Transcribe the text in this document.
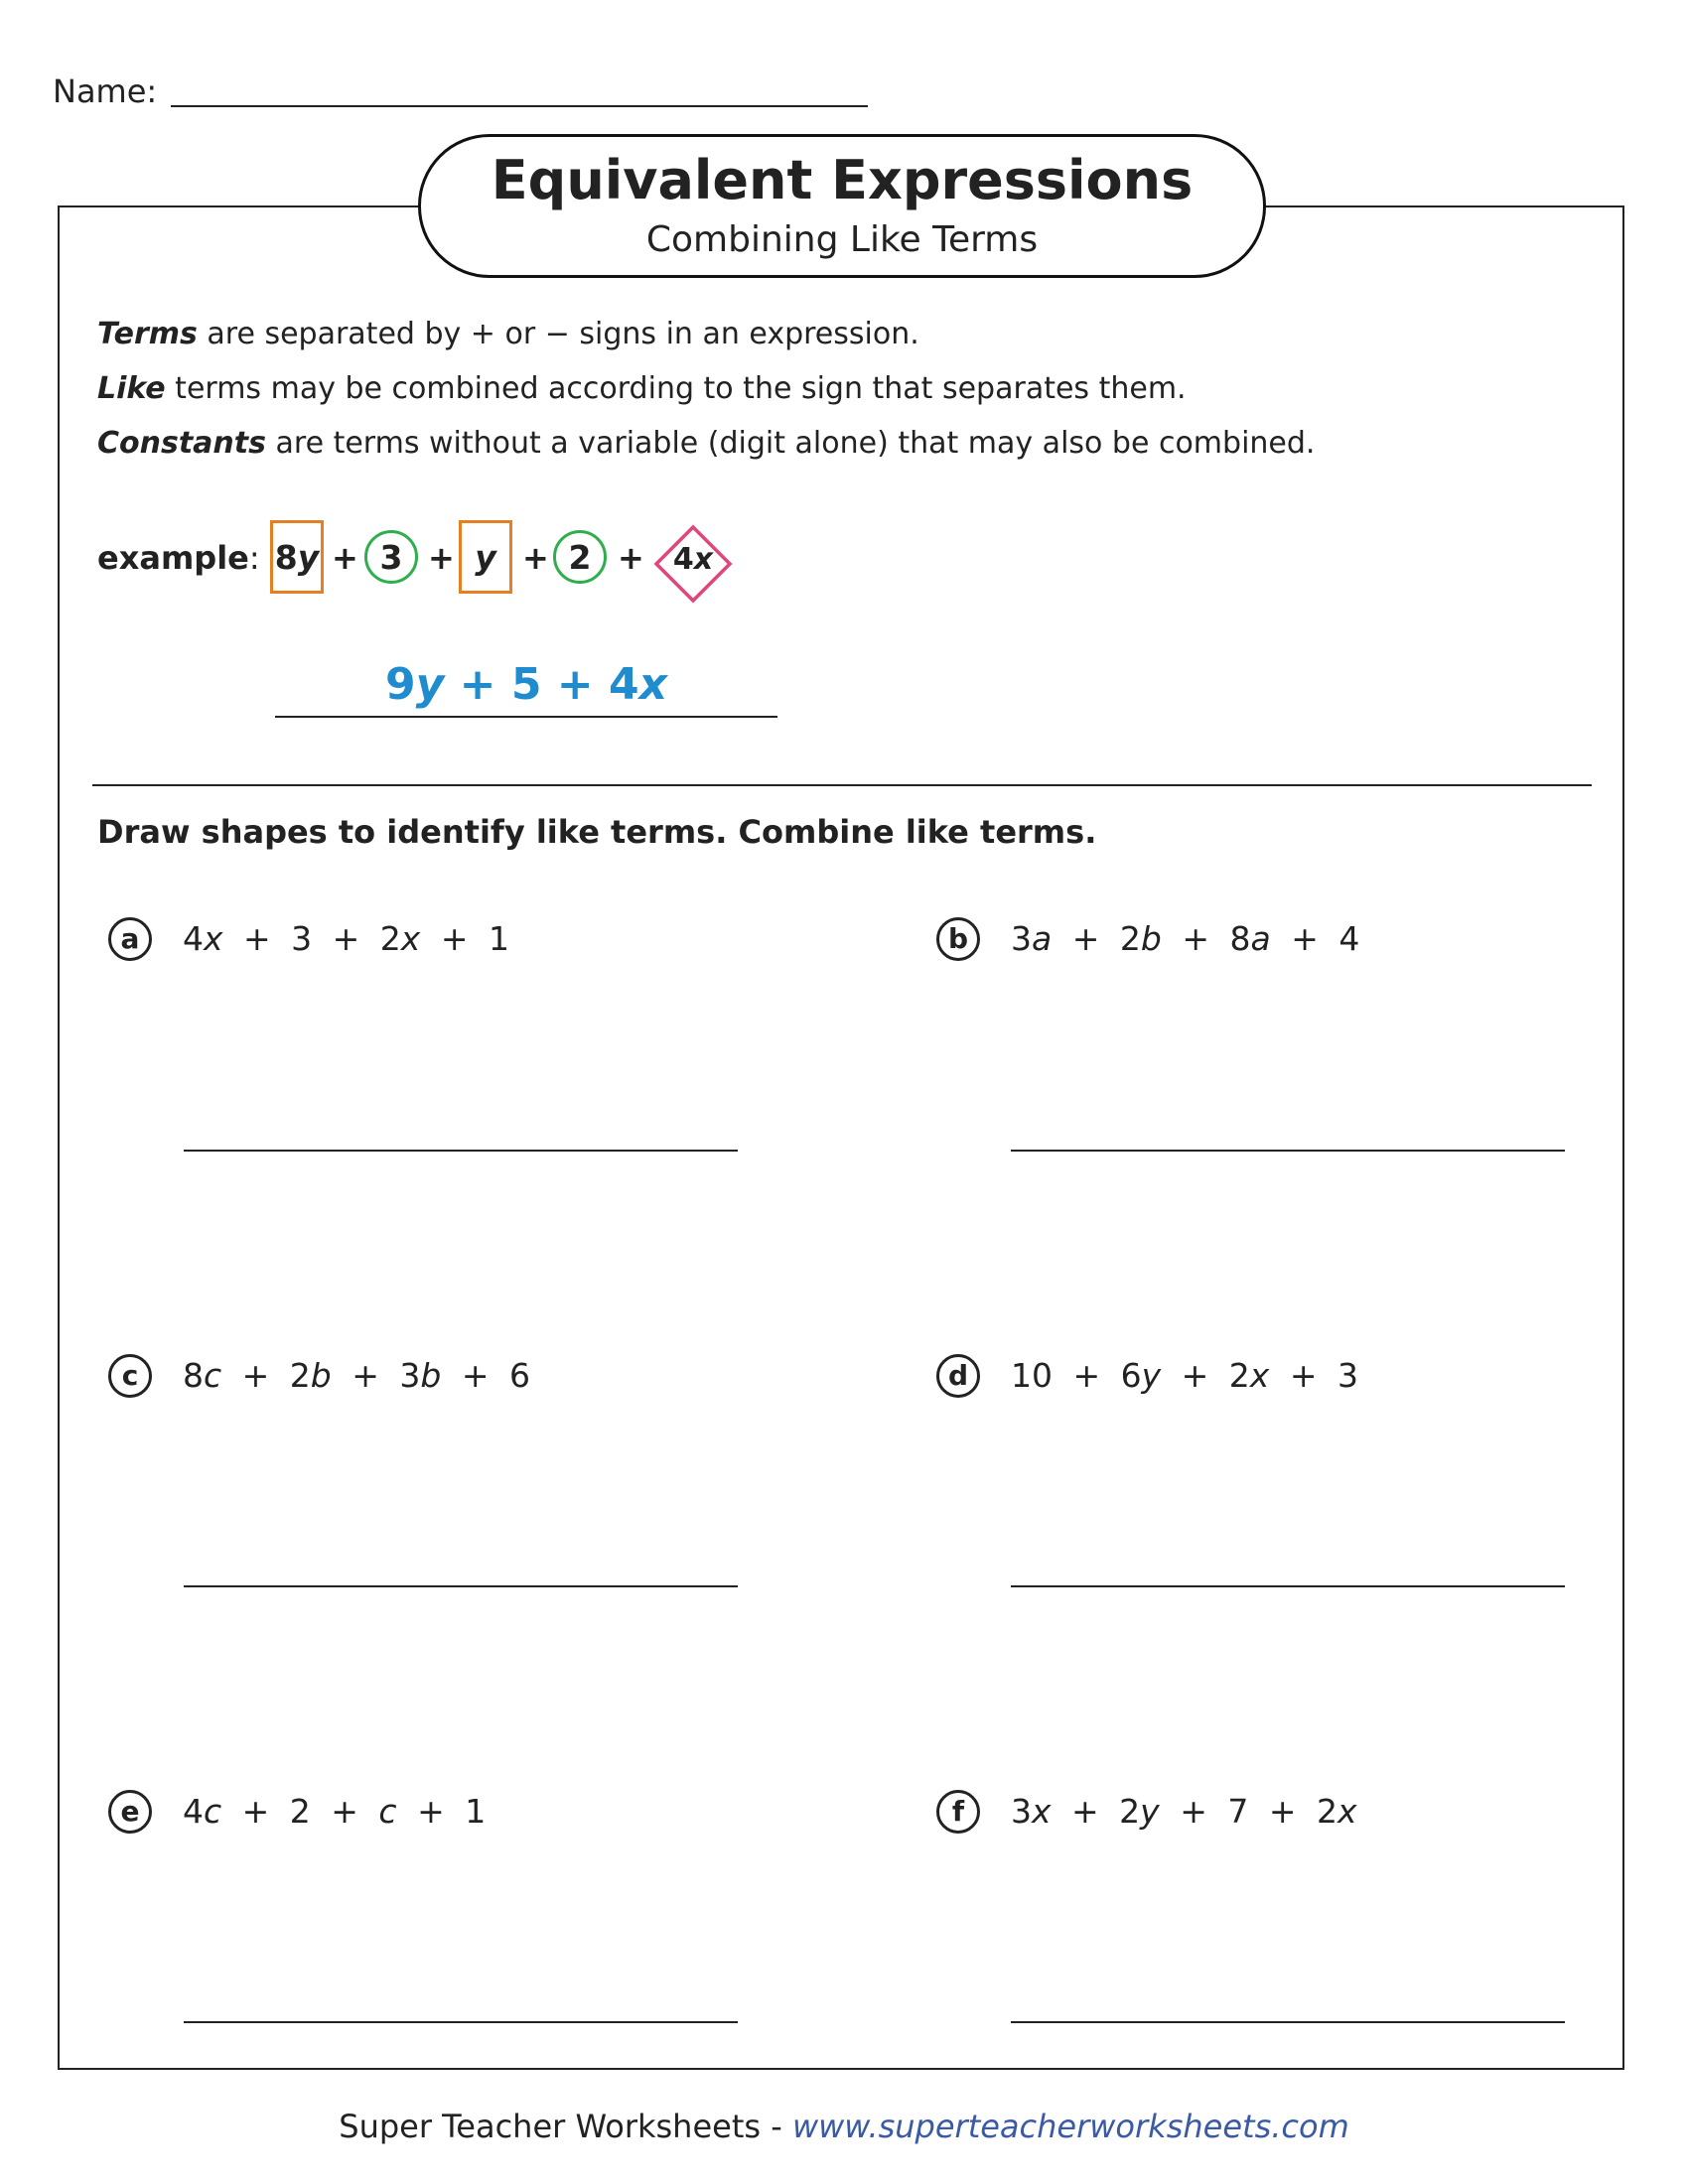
Name:
Equivalent Expressions
Combining Like Terms
Terms are separated by + or − signs in an expression.
Like terms may be combined according to the sign that separates them.
Constants are terms without a variable (digit alone) that may also be combined.
example: 8 y + 3 + y + 2 + 4x
9y + 5 + 4x
Draw shapes to identify like terms. Combine like terms.
a	4x + 3 + 2x + 1	b	3a + 2b + 8a + 4
c	8c + 2b + 3b + 6	d	10 + 6y + 2x + 3
e	4c + 2 + c + 1	f	3x + 2y + 7 + 2x
Super Teacher Worksheets - www.superteacherworksheets.com
